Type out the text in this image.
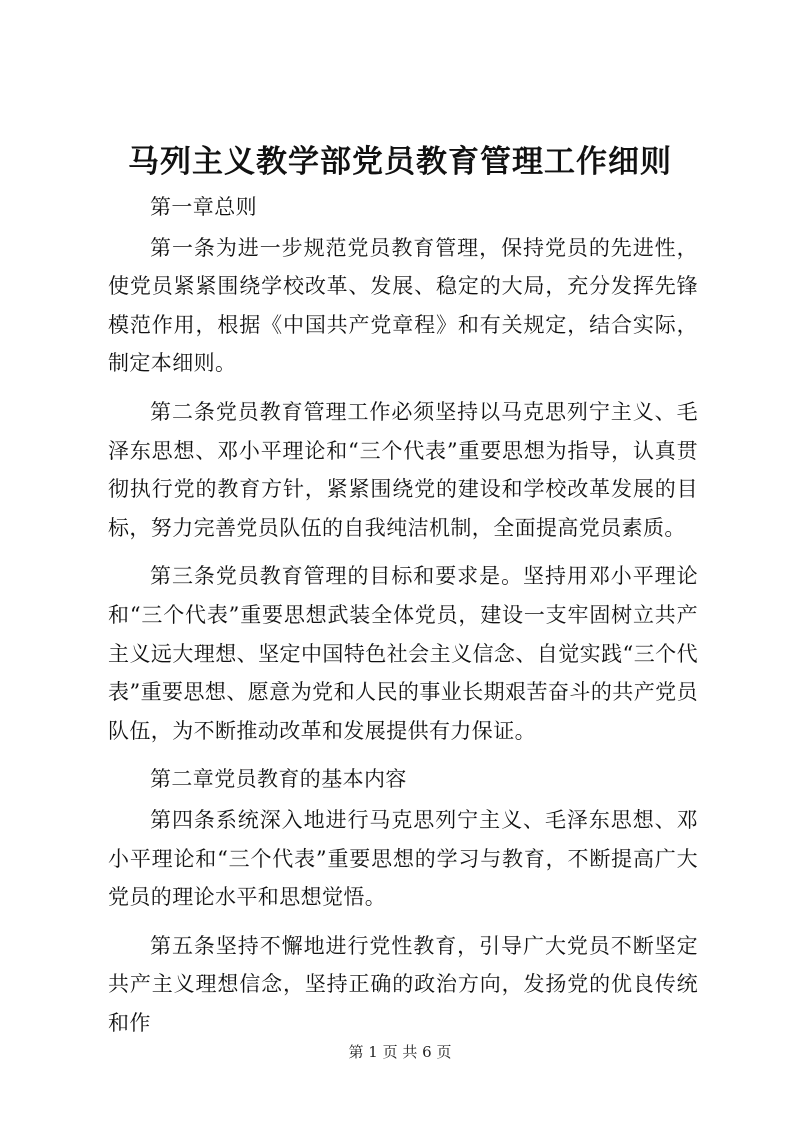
马列主义教学部党员教育管理工作细则

第一章总则

第一条为进一步规范党员教育管理，保持党员的先进性，使党员紧紧围绕学校改革、发展、稳定的大局，充分发挥先锋模范作用，根据《中国共产党章程》和有关规定，结合实际，制定本细则。

第二条党员教育管理工作必须坚持以马克思列宁主义、毛泽东思想、邓小平理论和“三个代表”重要思想为指导，认真贯彻执行党的教育方针，紧紧围绕党的建设和学校改革发展的目标，努力完善党员队伍的自我纯洁机制，全面提高党员素质。

第三条党员教育管理的目标和要求是。坚持用邓小平理论和“三个代表”重要思想武装全体党员，建设一支牢固树立共产主义远大理想、坚定中国特色社会主义信念、自觉实践“三个代表”重要思想、愿意为党和人民的事业长期艰苦奋斗的共产党员队伍，为不断推动改革和发展提供有力保证。

第二章党员教育的基本内容

第四条系统深入地进行马克思列宁主义、毛泽东思想、邓小平理论和“三个代表”重要思想的学习与教育，不断提高广大党员的理论水平和思想觉悟。

第五条坚持不懈地进行党性教育，引导广大党员不断坚定共产主义理想信念，坚持正确的政治方向，发扬党的优良传统和作

第 1 页 共 6 页
